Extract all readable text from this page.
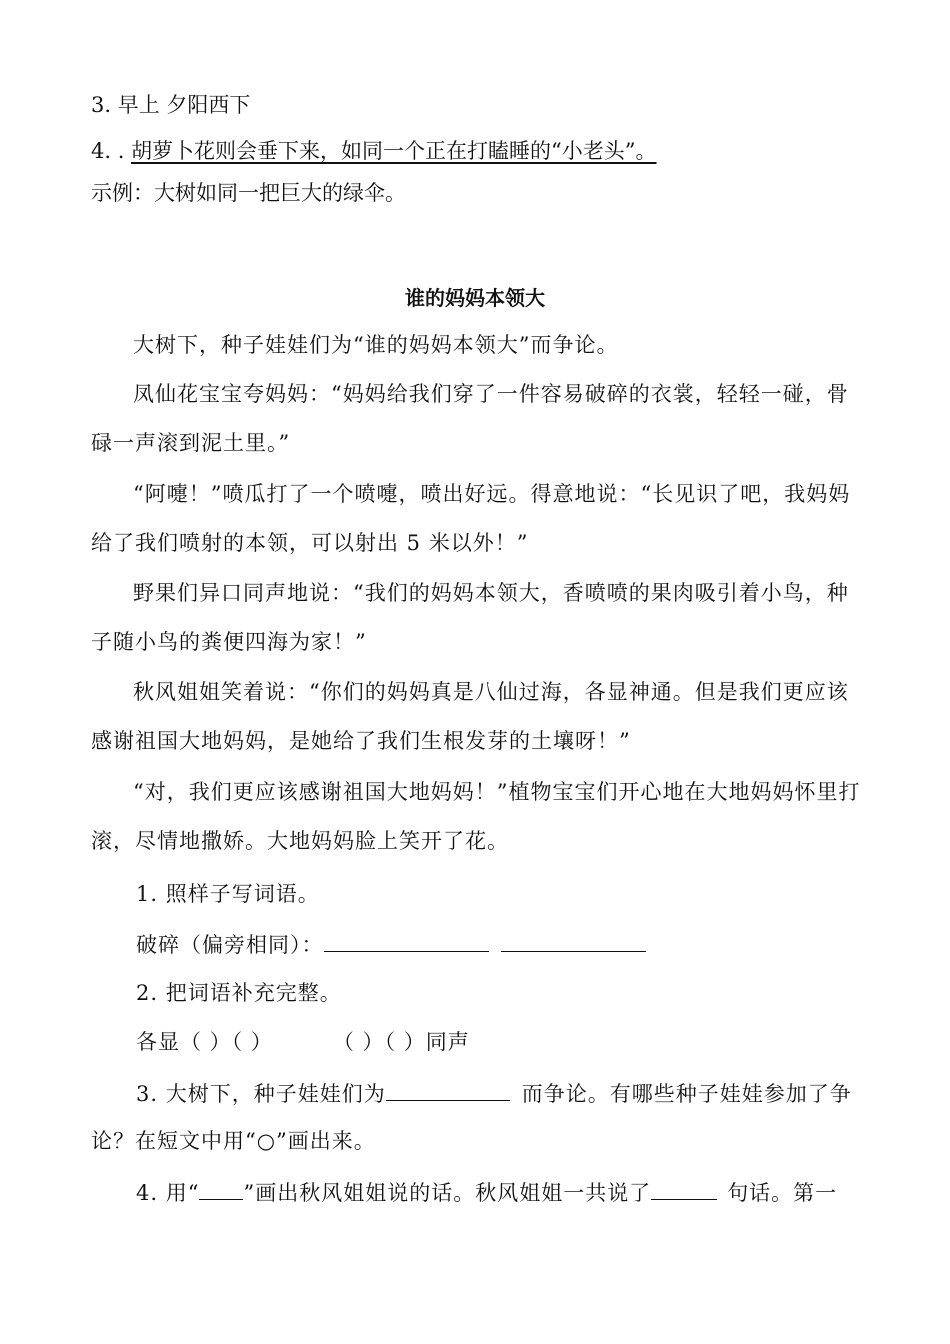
3. 早上 夕阳西下
4. . 胡萝卜花则会垂下来，如同一个正在打瞌睡的“小老头”。
示例：大树如同一把巨大的绿伞。
谁的妈妈本领大
大树下，种子娃娃们为“谁的妈妈本领大”而争论。
凤仙花宝宝夸妈妈：“妈妈给我们穿了一件容易破碎的衣裳，轻轻一碰，骨碌一声滚到泥土里。”
“阿嚏！”喷瓜打了一个喷嚏，喷出好远。得意地说：“长见识了吧，我妈妈给了我们喷射的本领，可以射出 5 米以外！”
野果们异口同声地说：“我们的妈妈本领大，香喷喷的果肉吸引着小鸟，种子随小鸟的粪便四海为家！”
秋风姐姐笑着说：“你们的妈妈真是八仙过海，各显神通。但是我们更应该感谢祖国大地妈妈，是她给了我们生根发芽的土壤呀！”
“对，我们更应该感谢祖国大地妈妈！”植物宝宝们开心地在大地妈妈怀里打滚，尽情地撒娇。大地妈妈脸上笑开了花。
1. 照样子写词语。
破碎（偏旁相同）：
2. 把词语补充完整。
各显（ ）（ ）	（ ）（ ）同声
3. 大树下，种子娃娃们为	而争论。有哪些种子娃娃参加了争
论？在短文中用“○”画出来。
4. 用“ ”画出秋风姐姐说的话。秋风姐姐一共说了	句话。第一
